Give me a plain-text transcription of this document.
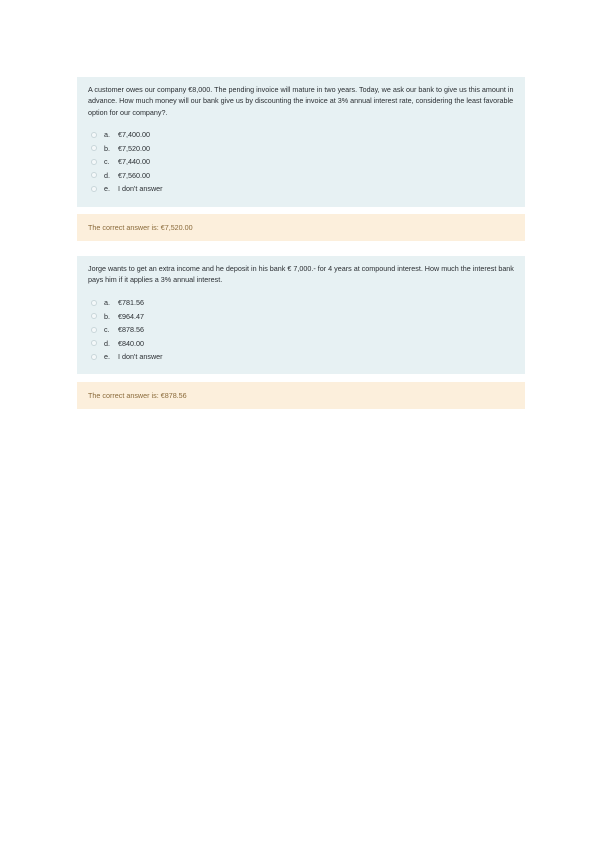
A customer owes our company €8,000. The pending invoice will mature in two years. Today, we ask our bank to give us this amount in advance. How much money will our bank give us by discounting the invoice at 3% annual interest rate, considering the least favorable option for our company?.

a.	€7,400.00
b.	€7,520.00
c.	€7,440.00
d.	€7,560.00
e.	I don't answer
The correct answer is: €7,520.00

Jorge wants to get an extra income and he deposit in his bank € 7,000.- for 4 years at compound interest. How much the interest bank pays him if it applies a 3% annual interest.

a.	€781.56
b.	€964.47
c.	€878.56
d.	€840.00
e.	I don't answer
The correct answer is: €878.56
